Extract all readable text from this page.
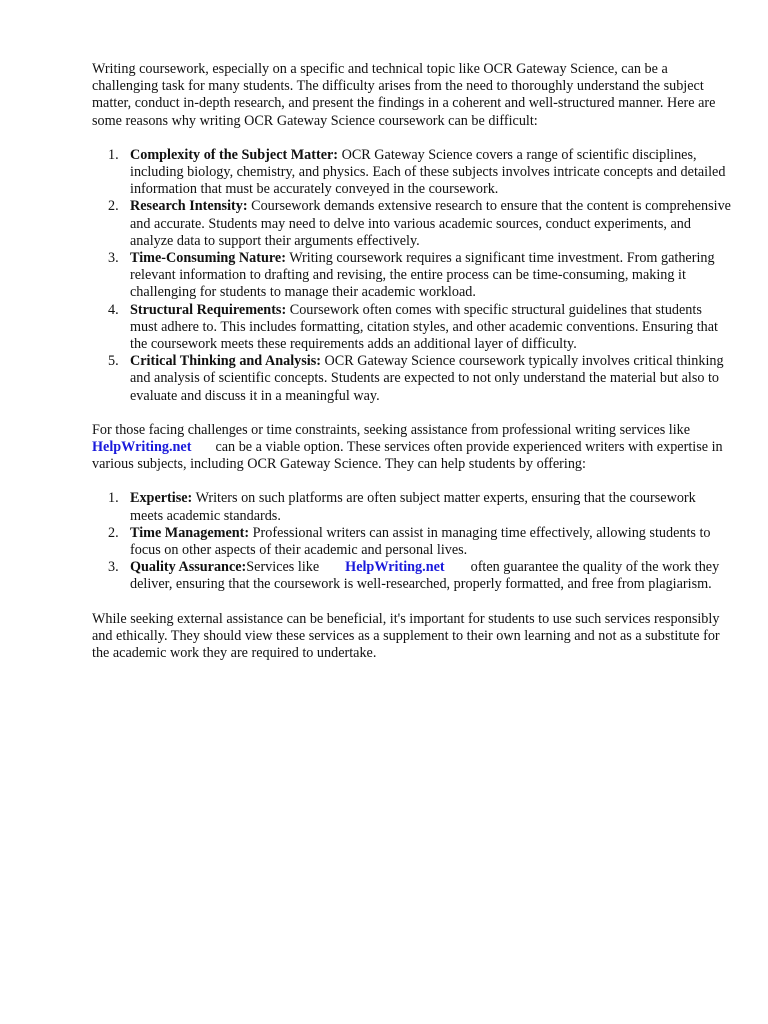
Writing coursework, especially on a specific and technical topic like OCR Gateway Science, can be a challenging task for many students. The difficulty arises from the need to thoroughly understand the subject matter, conduct in-depth research, and present the findings in a coherent and well-structured manner. Here are some reasons why writing OCR Gateway Science coursework can be difficult:

1. Complexity of the Subject Matter: OCR Gateway Science covers a range of scientific disciplines, including biology, chemistry, and physics. Each of these subjects involves intricate concepts and detailed information that must be accurately conveyed in the coursework.
2. Research Intensity: Coursework demands extensive research to ensure that the content is comprehensive and accurate. Students may need to delve into various academic sources, conduct experiments, and analyze data to support their arguments effectively.
3. Time-Consuming Nature: Writing coursework requires a significant time investment. From gathering relevant information to drafting and revising, the entire process can be time-consuming, making it challenging for students to manage their academic workload.
4. Structural Requirements: Coursework often comes with specific structural guidelines that students must adhere to. This includes formatting, citation styles, and other academic conventions. Ensuring that the coursework meets these requirements adds an additional layer of difficulty.
5. Critical Thinking and Analysis: OCR Gateway Science coursework typically involves critical thinking and analysis of scientific concepts. Students are expected to not only understand the material but also to evaluate and discuss it in a meaningful way.

For those facing challenges or time constraints, seeking assistance from professional writing services likeHelpWriting.net can be a viable option. These services often provide experienced writers with expertise in various subjects, including OCR Gateway Science. They can help students by offering:

1. Expertise: Writers on such platforms are often subject matter experts, ensuring that the coursework meets academic standards.
2. Time Management: Professional writers can assist in managing time effectively, allowing students to focus on other aspects of their academic and personal lives.
3. Quality Assurance:Services like HelpWriting.net often guarantee the quality of the work they deliver, ensuring that the coursework is well-researched, properly formatted, and free from plagiarism.

While seeking external assistance can be beneficial, it's important for students to use such services responsibly and ethically. They should view these services as a supplement to their own learning and not as a substitute for the academic work they are required to undertake.
